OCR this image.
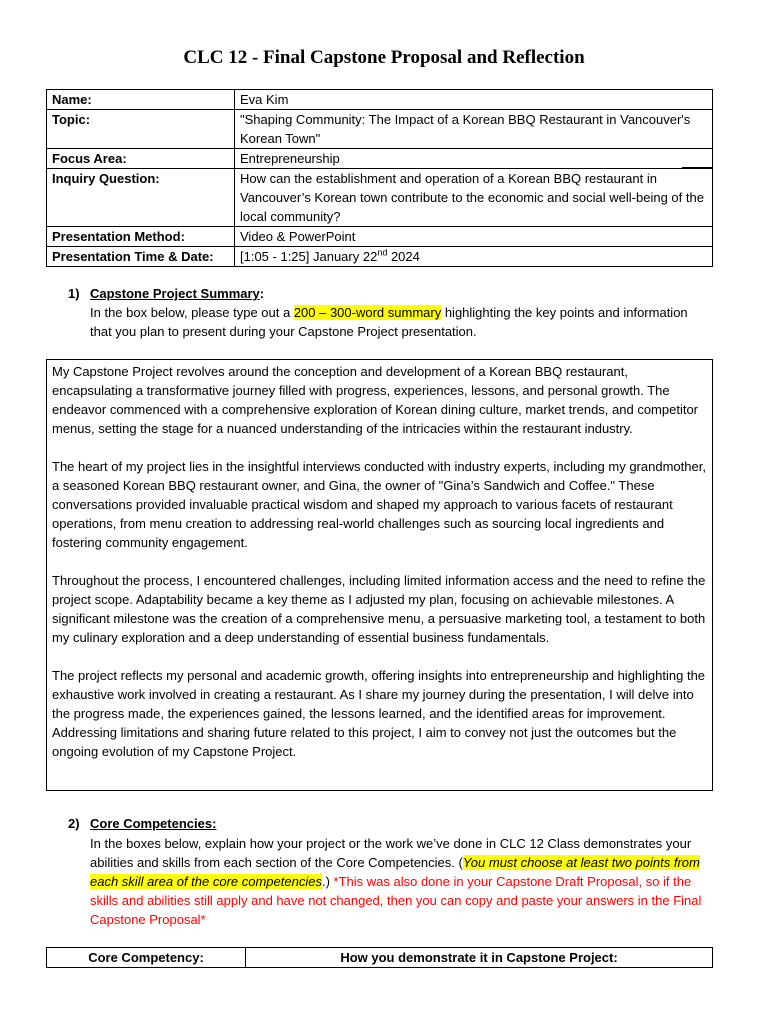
CLC 12 - Final Capstone Proposal and Reflection
Name:	Eva Kim
Topic:	"Shaping Community: The Impact of a Korean BBQ Restaurant in Vancouver's Korean Town"
Focus Area:	Entrepreneurship
Inquiry Question:	How can the establishment and operation of a Korean BBQ restaurant in Vancouver’s Korean town contribute to the economic and social well-being of the local community?
Presentation Method:	Video & PowerPoint
Presentation Time & Date:	[1:05 - 1:25] January 22nd 2024
1) Capstone Project Summary:
In the box below, please type out a 200 – 300-word summary highlighting the key points and information that you plan to present during your Capstone Project presentation.

My Capstone Project revolves around the conception and development of a Korean BBQ restaurant, encapsulating a transformative journey filled with progress, experiences, lessons, and personal growth. The endeavor commenced with a comprehensive exploration of Korean dining culture, market trends, and competitor menus, setting the stage for a nuanced understanding of the intricacies within the restaurant industry.

The heart of my project lies in the insightful interviews conducted with industry experts, including my grandmother, a seasoned Korean BBQ restaurant owner, and Gina, the owner of "Gina’s Sandwich and Coffee." These conversations provided invaluable practical wisdom and shaped my approach to various facets of restaurant operations, from menu creation to addressing real-world challenges such as sourcing local ingredients and fostering community engagement.

Throughout the process, I encountered challenges, including limited information access and the need to refine the project scope. Adaptability became a key theme as I adjusted my plan, focusing on achievable milestones. A significant milestone was the creation of a comprehensive menu, a persuasive marketing tool, a testament to both my culinary exploration and a deep understanding of essential business fundamentals.

The project reflects my personal and academic growth, offering insights into entrepreneurship and highlighting the exhaustive work involved in creating a restaurant. As I share my journey during the presentation, I will delve into the progress made, the experiences gained, the lessons learned, and the identified areas for improvement. Addressing limitations and sharing future related to this project, I aim to convey not just the outcomes but the ongoing evolution of my Capstone Project.

2) Core Competencies:
In the boxes below, explain how your project or the work we’ve done in CLC 12 Class demonstrates your abilities and skills from each section of the Core Competencies. (You must choose at least two points from each skill area of the core competencies.) *This was also done in your Capstone Draft Proposal, so if the skills and abilities still apply and have not changed, then you can copy and paste your answers in the Final Capstone Proposal*
Core Competency:	How you demonstrate it in Capstone Project:
